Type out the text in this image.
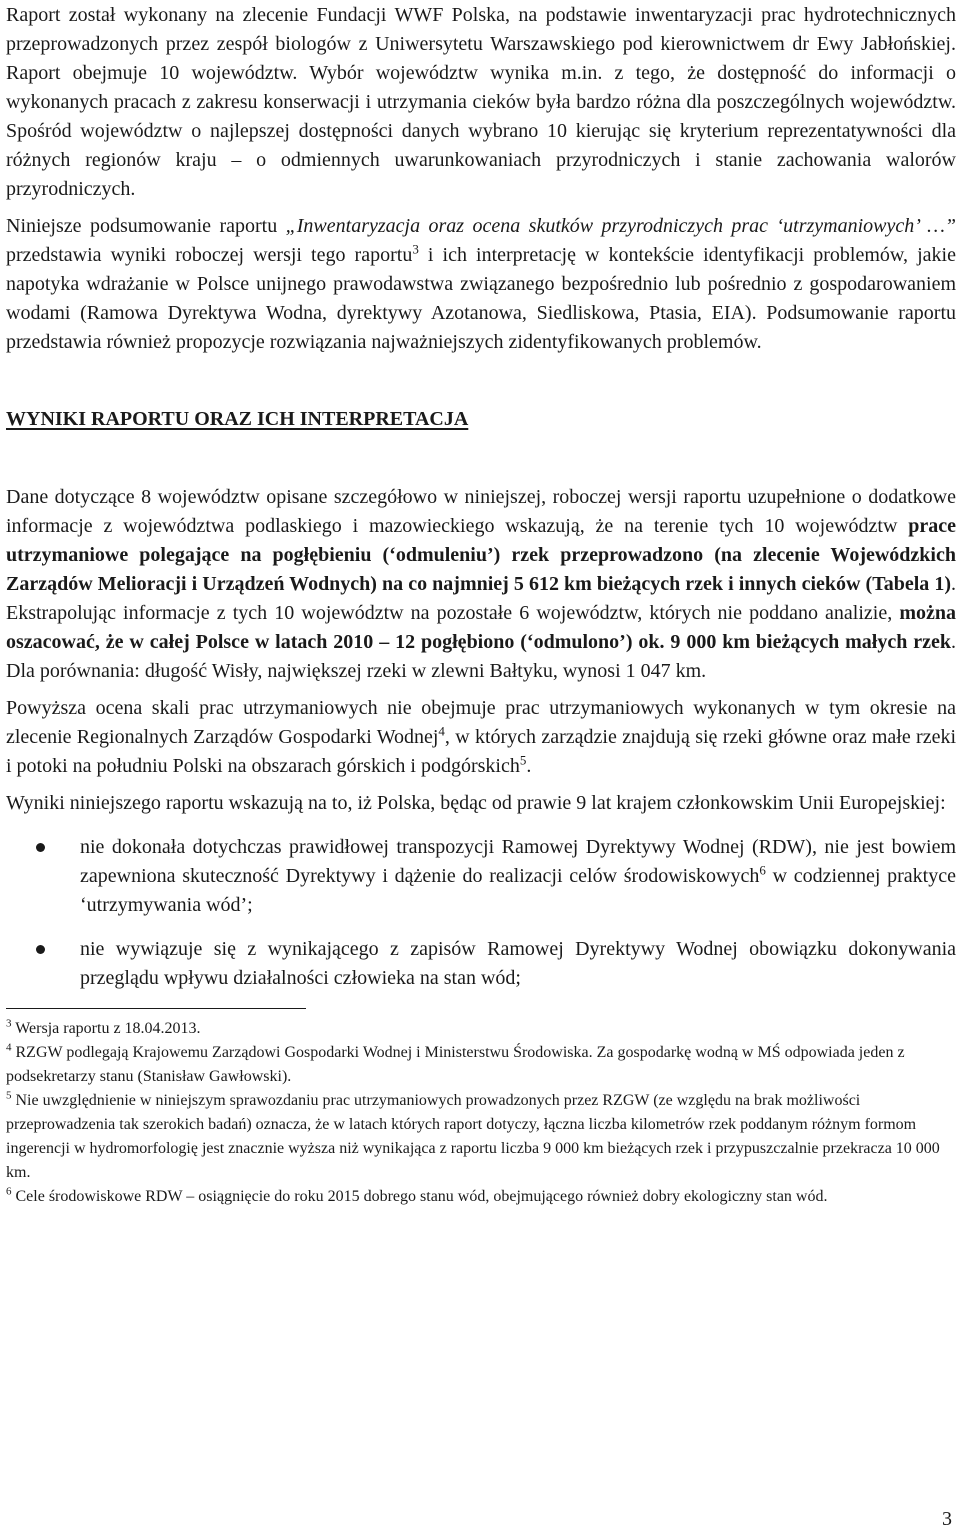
Raport został wykonany na zlecenie Fundacji WWF Polska, na podstawie inwentaryzacji prac hydrotechnicznych przeprowadzonych przez zespół biologów z Uniwersytetu Warszawskiego pod kierownictwem dr Ewy Jabłońskiej. Raport obejmuje 10 województw. Wybór województw wynika m.in. z tego, że dostępność do informacji o wykonanych pracach z zakresu konserwacji i utrzymania cieków była bardzo różna dla poszczególnych województw. Spośród województw o najlepszej dostępności danych wybrano 10 kierując się kryterium reprezentatywności dla różnych regionów kraju – o odmiennych uwarunkowaniach przyrodniczych i stanie zachowania walorów przyrodniczych.

Niniejsze podsumowanie raportu „Inwentaryzacja oraz ocena skutków przyrodniczych prac ‘utrzymaniowych’ …” przedstawia wyniki roboczej wersji tego raportu$^3$ i ich interpretację w kontekście identyfikacji problemów, jakie napotyka wdrażanie w Polsce unijnego prawodawstwa związanego bezpośrednio lub pośrednio z gospodarowaniem wodami (Ramowa Dyrektywa Wodna, dyrektywy Azotanowa, Siedliskowa, Ptasia, EIA). Podsumowanie raportu przedstawia również propozycje rozwiązania najważniejszych zidentyfikowanych problemów.

WYNIKI RAPORTU ORAZ ICH INTERPRETACJA

Dane dotyczące 8 województw opisane szczegółowo w niniejszej, roboczej wersji raportu uzupełnione o dodatkowe informacje z województwa podlaskiego i mazowieckiego wskazują, że na terenie tych 10 województw prace utrzymaniowe polegające na pogłębieniu (‘odmuleniu’) rzek przeprowadzono (na zlecenie Wojewódzkich Zarządów Melioracji i Urządzeń Wodnych) na co najmniej 5 612 km bieżących rzek i innych cieków (Tabela 1). Ekstrapolując informacje z tych 10 województw na pozostałe 6 województw, których nie poddano analizie, można oszacować, że w całej Polsce w latach 2010 – 12 pogłębiono (‘odmulono’) ok. 9 000 km bieżących małych rzek. Dla porównania: długość Wisły, największej rzeki w zlewni Bałtyku, wynosi 1 047 km.

Powyższa ocena skali prac utrzymaniowych nie obejmuje prac utrzymaniowych wykonanych w tym okresie na zlecenie Regionalnych Zarządów Gospodarki Wodnej$^4$, w których zarządzie znajdują się rzeki główne oraz małe rzeki i potoki na południu Polski na obszarach górskich i podgórskich$^5$.

Wyniki niniejszego raportu wskazują na to, iż Polska, będąc od prawie 9 lat krajem członkowskim Unii Europejskiej:

nie dokonała dotychczas prawidłowej transpozycji Ramowej Dyrektywy Wodnej (RDW), nie jest bowiem zapewniona skuteczność Dyrektywy i dążenie do realizacji celów środowiskowych$^6$ w codziennej praktyce ‘utrzymywania wód’;
nie wywiązuje się z wynikającego z zapisów Ramowej Dyrektywy Wodnej obowiązku dokonywania przeglądu wpływu działalności człowieka na stan wód;

$^3$ Wersja raportu z 18.04.2013.

$^4$ RZGW podlegają Krajowemu Zarządowi Gospodarki Wodnej i Ministerstwu Środowiska. Za gospodarkę wodną w MŚ odpowiada jeden z podsekretarzy stanu (Stanisław Gawłowski).

$^5$ Nie uwzględnienie w niniejszym sprawozdaniu prac utrzymaniowych prowadzonych przez RZGW (ze względu na brak możliwości przeprowadzenia tak szerokich badań) oznacza, że w latach których raport dotyczy, łączna liczba kilometrów rzek poddanym różnym formom ingerencji w hydromorfologię jest znacznie wyższa niż wynikająca z raportu liczba 9 000 km bieżących rzek i przypuszczalnie przekracza 10 000 km.

$^6$ Cele środowiskowe RDW – osiągnięcie do roku 2015 dobrego stanu wód, obejmującego również dobry ekologiczny stan wód.

3
